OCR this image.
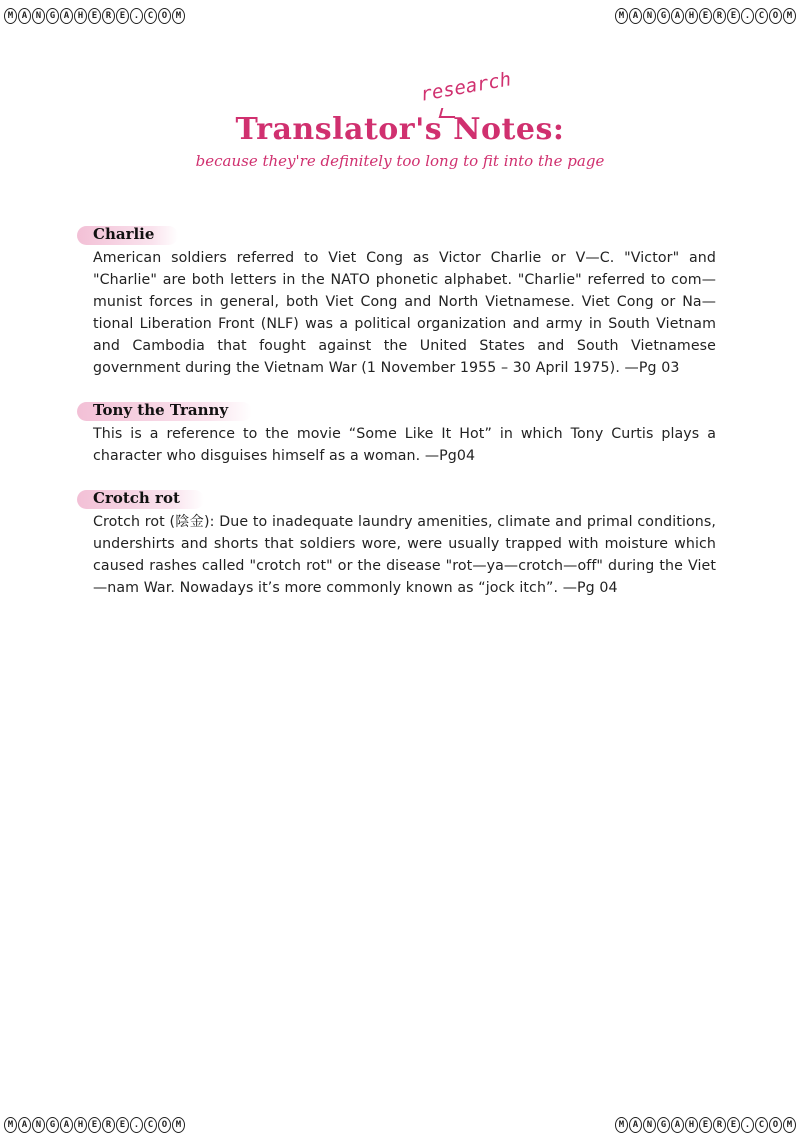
M A N G A H E R E . C O M	M A N G A H E R E . C O M
M A N G A H E R E . C O M	M A N G A H E R E . C O M
research
Translator's Notes:

because they're definitely too long to fit into the page

Charlie

American soldiers referred to Viet Cong as Victor Charlie or V—C. "Victor" and "Charlie" are both letters in the NATO phonetic alphabet. "Charlie" referred to com—munist forces in general, both Viet Cong and North Vietnamese. Viet Cong or Na—tional Liberation Front (NLF) was a political organization and army in South Vietnam and Cambodia that fought against the United States and South Vietnamese government during the Vietnam War (1 November 1955 – 30 April 1975). —Pg 03

Tony the Tranny

This is a reference to the movie “Some Like It Hot” in which Tony Curtis plays a character who disguises himself as a woman. —Pg04

Crotch rot

Crotch rot (陰金): Due to inadequate laundry amenities, climate and primal conditions, undershirts and shorts that soldiers wore, were usually trapped with moisture which caused rashes called "crotch rot" or the disease "rot—ya—crotch—off" during the Viet—nam War. Nowadays it’s more commonly known as “jock itch”. —Pg 04
